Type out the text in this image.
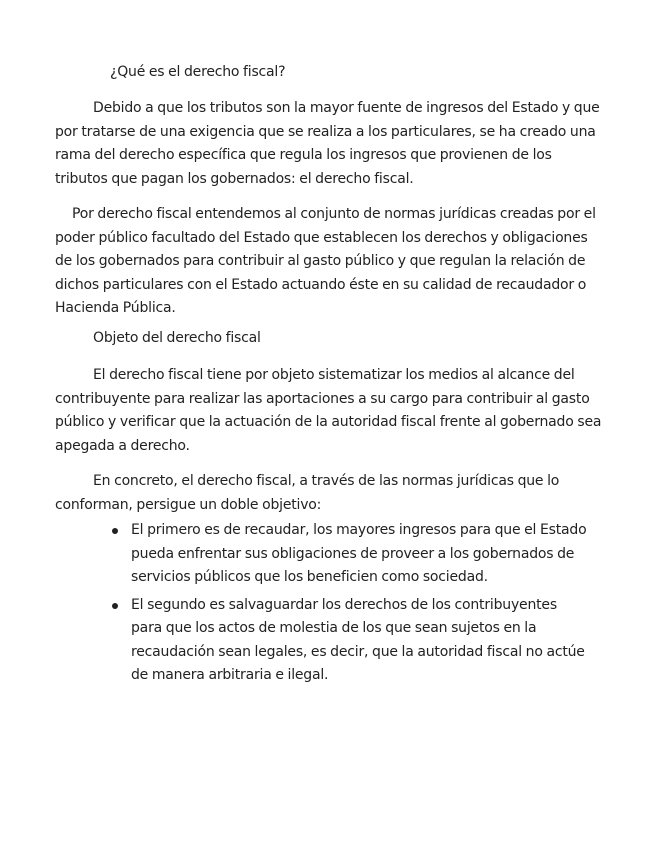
¿Qué es el derecho fiscal?

Debido a que los tributos son la mayor fuente de ingresos del Estado y que por tratarse de una exigencia que se realiza a los particulares, se ha creado una rama del derecho específica que regula los ingresos que provienen de los tributos que pagan los gobernados: el derecho fiscal.

Por derecho fiscal entendemos al conjunto de normas jurídicas creadas por el poder público facultado del Estado que establecen los derechos y obligaciones de los gobernados para contribuir al gasto público y que regulan la relación de dichos particulares con el Estado actuando éste en su calidad de recaudador o Hacienda Pública.

Objeto del derecho fiscal

El derecho fiscal tiene por objeto sistematizar los medios al alcance del contribuyente para realizar las aportaciones a su cargo para contribuir al gasto público y verificar que la actuación de la autoridad fiscal frente al gobernado sea apegada a derecho.

En concreto, el derecho fiscal, a través de las normas jurídicas que lo conforman, persigue un doble objetivo:

El primero es de recaudar, los mayores ingresos para que el Estado pueda enfrentar sus obligaciones de proveer a los gobernados de servicios públicos que los beneficien como sociedad.
El segundo es salvaguardar los derechos de los contribuyentes para que los actos de molestia de los que sean sujetos en la recaudación sean legales, es decir, que la autoridad fiscal no actúe de manera arbitraria e ilegal.
